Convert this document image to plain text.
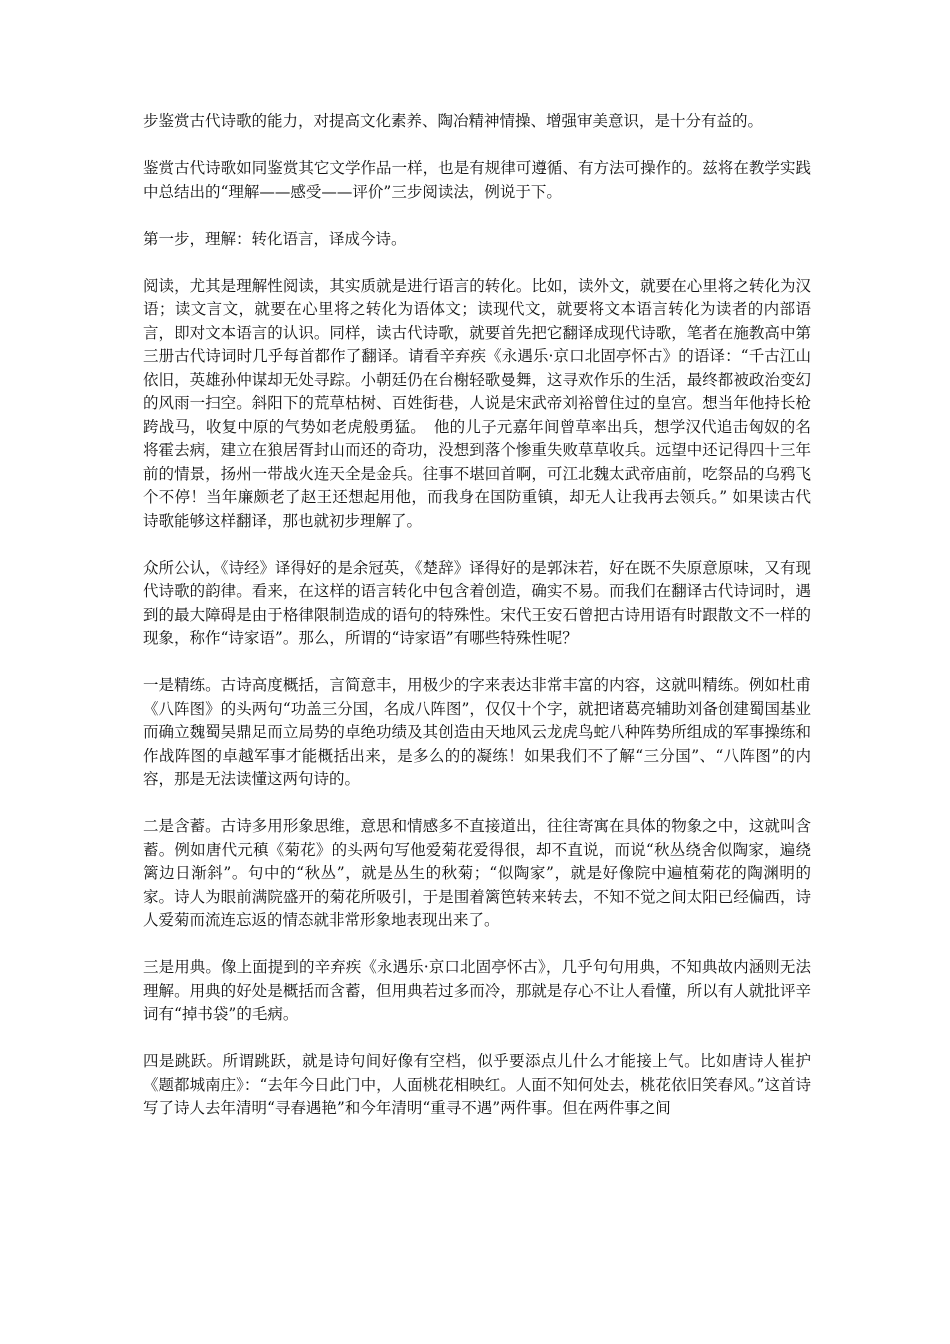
步鉴赏古代诗歌的能力，对提高文化素养、陶冶精神情操、增强审美意识，是十分有益的。

鉴赏古代诗歌如同鉴赏其它文学作品一样，也是有规律可遵循、有方法可操作的。兹将在教学实践中总结出的“理解——感受——评价”三步阅读法，例说于下。

第一步，理解：转化语言，译成今诗。

阅读，尤其是理解性阅读，其实质就是进行语言的转化。比如，读外文，就要在心里将之转化为汉语；读文言文，就要在心里将之转化为语体文；读现代文，就要将文本语言转化为读者的内部语言，即对文本语言的认识。同样，读古代诗歌，就要首先把它翻译成现代诗歌，笔者在施教高中第三册古代诗词时几乎每首都作了翻译。请看辛弃疾《永遇乐·京口北固亭怀古》的语译：“千古江山依旧，英雄孙仲谋却无处寻踪。小朝廷仍在台榭轻歌曼舞，这寻欢作乐的生活，最终都被政治变幻的风雨一扫空。斜阳下的荒草枯树、百姓街巷，人说是宋武帝刘裕曾住过的皇宫。想当年他持长枪跨战马，收复中原的气势如老虎般勇猛。　他的儿子元嘉年间曾草率出兵，想学汉代追击匈奴的名将霍去病，建立在狼居胥封山而还的奇功，没想到落个惨重失败草草收兵。远望中还记得四十三年前的情景，扬州一带战火连天全是金兵。往事不堪回首啊，可江北魏太武帝庙前，吃祭品的乌鸦飞个不停！当年廉颇老了赵王还想起用他，而我身在国防重镇，却无人让我再去领兵。” 如果读古代诗歌能够这样翻译，那也就初步理解了。

众所公认，《诗经》译得好的是余冠英，《楚辞》译得好的是郭沫若，好在既不失原意原味，又有现代诗歌的韵律。看来，在这样的语言转化中包含着创造，确实不易。而我们在翻译古代诗词时，遇到的最大障碍是由于格律限制造成的语句的特殊性。宋代王安石曾把古诗用语有时跟散文不一样的现象，称作“诗家语”。那么，所谓的“诗家语”有哪些特殊性呢？

一是精练。古诗高度概括，言简意丰，用极少的字来表达非常丰富的内容，这就叫精练。例如杜甫《八阵图》的头两句“功盖三分国，名成八阵图”，仅仅十个字，就把诸葛亮辅助刘备创建蜀国基业而确立魏蜀吴鼎足而立局势的卓绝功绩及其创造由天地风云龙虎鸟蛇八种阵势所组成的军事操练和作战阵图的卓越军事才能概括出来，是多么的的凝练！如果我们不了解“三分国”、“八阵图”的内容，那是无法读懂这两句诗的。

二是含蓄。古诗多用形象思维，意思和情感多不直接道出，往往寄寓在具体的物象之中，这就叫含蓄。例如唐代元稹《菊花》的头两句写他爱菊花爱得很，却不直说，而说“秋丛绕舍似陶家，遍绕篱边日渐斜”。句中的“秋丛”，就是丛生的秋菊；“似陶家”，就是好像院中遍植菊花的陶渊明的家。诗人为眼前满院盛开的菊花所吸引，于是围着篱笆转来转去，不知不觉之间太阳已经偏西，诗人爱菊而流连忘返的情态就非常形象地表现出来了。

三是用典。像上面提到的辛弃疾《永遇乐·京口北固亭怀古》，几乎句句用典，不知典故内涵则无法理解。用典的好处是概括而含蓄，但用典若过多而冷，那就是存心不让人看懂，所以有人就批评辛词有“掉书袋”的毛病。

四是跳跃。所谓跳跃，就是诗句间好像有空档，似乎要添点儿什么才能接上气。比如唐诗人崔护《题都城南庄》：“去年今日此门中，人面桃花相映红。人面不知何处去，桃花依旧笑春风。”这首诗写了诗人去年清明“寻春遇艳”和今年清明“重寻不遇”两件事。但在两件事之间
